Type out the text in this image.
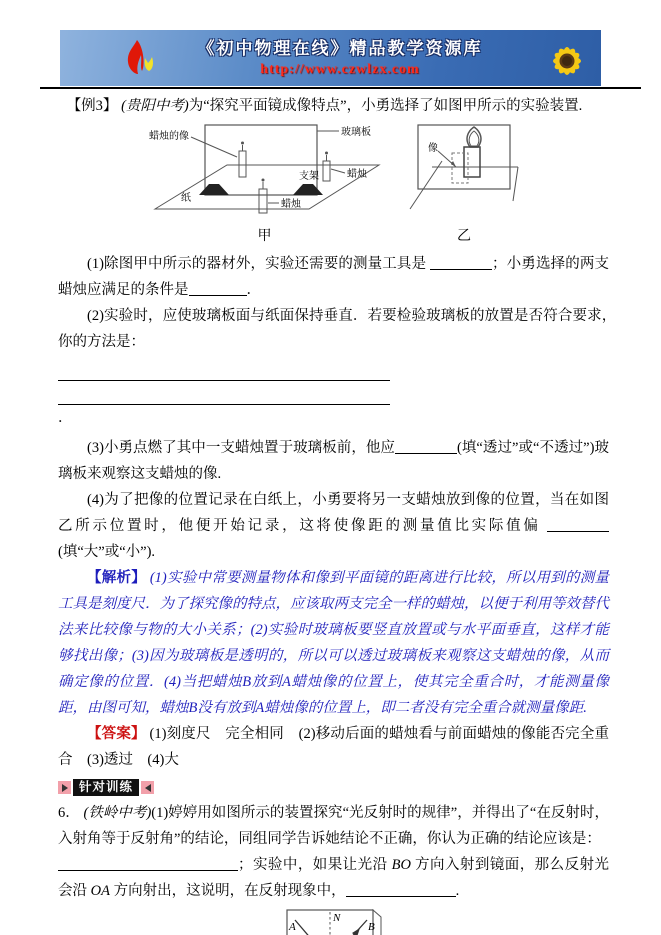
《初中物理在线》精品教学资源库
http://www.czwlzx.com

【例3】 (贵阳中考)为“探究平面镜成像特点”，小勇选择了如图甲所示的实验装置.

蜡烛的像	玻璃板
蜡烛
支架
纸
蜡烛
甲
像
乙

(1)除图甲中所示的器材外，实验还需要的测量工具是	；小勇选择的两支蜡烛应满足的条件是	．

(2)实验时，应使玻璃板面与纸面保持垂直．若要检验玻璃板的放置是否符合要求，　你的方法是：

．

(3)小勇点燃了其中一支蜡烛置于玻璃板前，他应	(填“透过”或“不透过”)玻璃板来观察这支蜡烛的像.

(4)为了把像的位置记录在白纸上，小勇要将另一支蜡烛放到像的位置，当在如图乙所示位置时，他便开始记录，这将使像距的测量值比实际值偏 (填“大”或“小”).

【解析】 (1)实验中常要测量物体和像到平面镜的距离进行比较，所以用到的测量工具是刻度尺．为了探究像的特点，应该取两支完全一样的蜡烛，以便于利用等效替代法来比较像与物的大小关系；(2)实验时玻璃板要竖直放置或与水平面垂直，这样才能够找出像；(3)因为玻璃板是透明的，所以可以透过玻璃板来观察这支蜡烛的像，从而确定像的位置．(4)当把蜡烛B放到A蜡烛像的位置上，使其完全重合时，才能测量像距，由图可知，蜡烛B没有放到A蜡烛像的位置上，即二者没有完全重合就测量像距.

【答案】 (1)刻度尺　完全相同　(2)移动后面的蜡烛看与前面蜡烛的像能否完全重合　(3)透过　(4)大

针对训练

6． (铁岭中考)(1)婷婷用如图所示的装置探究“光反射时的规律”，并得出了“在反射时，入射角等于反射角”的结论，同组同学告诉她结论不正确，你认为正确的结论应该是：

；实验中，如果让光沿 BO 方向入射到镜面，那么反射光会沿 OA 方向射出，这说明，在反射现象中，	.

A
N
B
